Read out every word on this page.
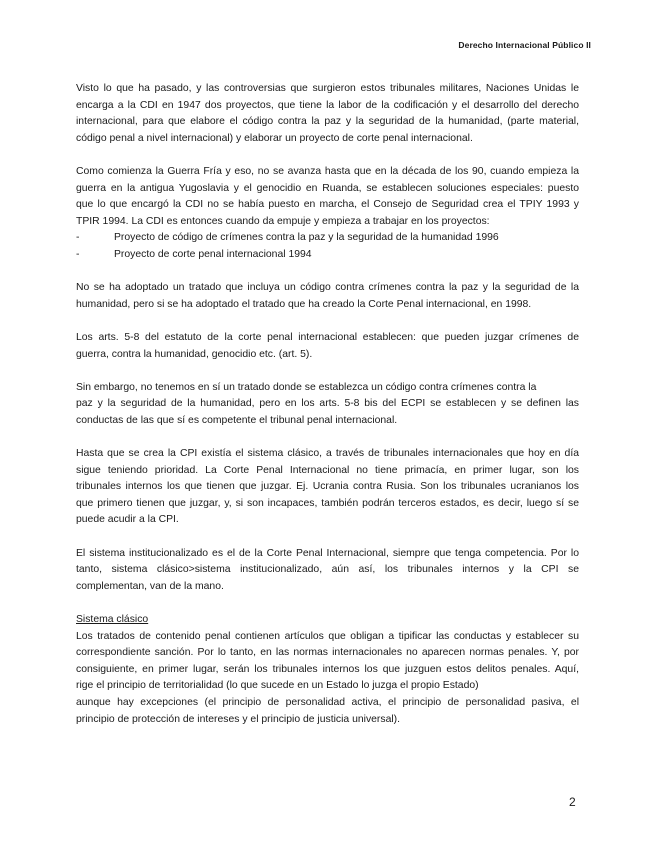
Derecho Internacional Público II
Visto lo que ha pasado, y las controversias que surgieron estos tribunales militares, Naciones Unidas le
encarga a la CDI en 1947 dos proyectos, que tiene la labor de la codificación y el desarrollo del derecho
internacional, para que elabore el código contra la paz y la seguridad de la humanidad, (parte material,
código penal a nivel internacional) y elaborar un proyecto de corte penal internacional.
Como comienza la Guerra Fría y eso, no se avanza hasta que en la década de los 90, cuando empieza la
guerra en la antigua Yugoslavia y el genocidio en Ruanda, se establecen soluciones especiales: puesto
que lo que encargó la CDI no se había puesto en marcha, el Consejo de Seguridad crea el TPIY 1993 y
TPIR 1994. La CDI es entonces cuando da empuje y empieza a trabajar en los proyectos:
-	Proyecto de código de crímenes contra la paz y la seguridad de la humanidad 1996
-	Proyecto de corte penal internacional 1994
No se ha adoptado un tratado que incluya un código contra crímenes contra la paz y la seguridad de la
humanidad, pero si se ha adoptado el tratado que ha creado la Corte Penal internacional, en 1998.
Los arts. 5-8 del estatuto de la corte penal internacional establecen: que pueden juzgar crímenes de
guerra, contra la humanidad, genocidio etc. (art. 5).
Sin embargo, no tenemos en sí un tratado donde se establezca un código contra crímenes contra la
paz y la seguridad de la humanidad, pero en los arts. 5-8 bis del ECPI se establecen y se definen las
conductas de las que sí es competente el tribunal penal internacional.
Hasta que se crea la CPI existía el sistema clásico, a través de tribunales internacionales que hoy en día
sigue teniendo prioridad. La Corte Penal Internacional no tiene primacía, en primer lugar, son los
tribunales internos los que tienen que juzgar. Ej. Ucrania contra Rusia. Son los tribunales ucranianos los
que primero tienen que juzgar, y, si son incapaces, también podrán terceros estados, es decir, luego sí se
puede acudir a la CPI.
El sistema institucionalizado es el de la Corte Penal Internacional, siempre que tenga competencia. Por lo
tanto, sistema clásico>sistema institucionalizado, aún así, los tribunales internos y la CPI se
complementan, van de la mano.
Sistema clásico
Los tratados de contenido penal contienen artículos que obligan a tipificar las conductas y establecer su
correspondiente sanción. Por lo tanto, en las normas internacionales no aparecen normas penales. Y, por
consiguiente, en primer lugar, serán los tribunales internos los que juzguen estos delitos penales. Aquí,
rige el principio de territorialidad (lo que sucede en un Estado lo juzga el propio Estado)
aunque hay excepciones (el principio de personalidad activa, el principio de personalidad pasiva, el
principio de protección de intereses y el principio de justicia universal).
2
